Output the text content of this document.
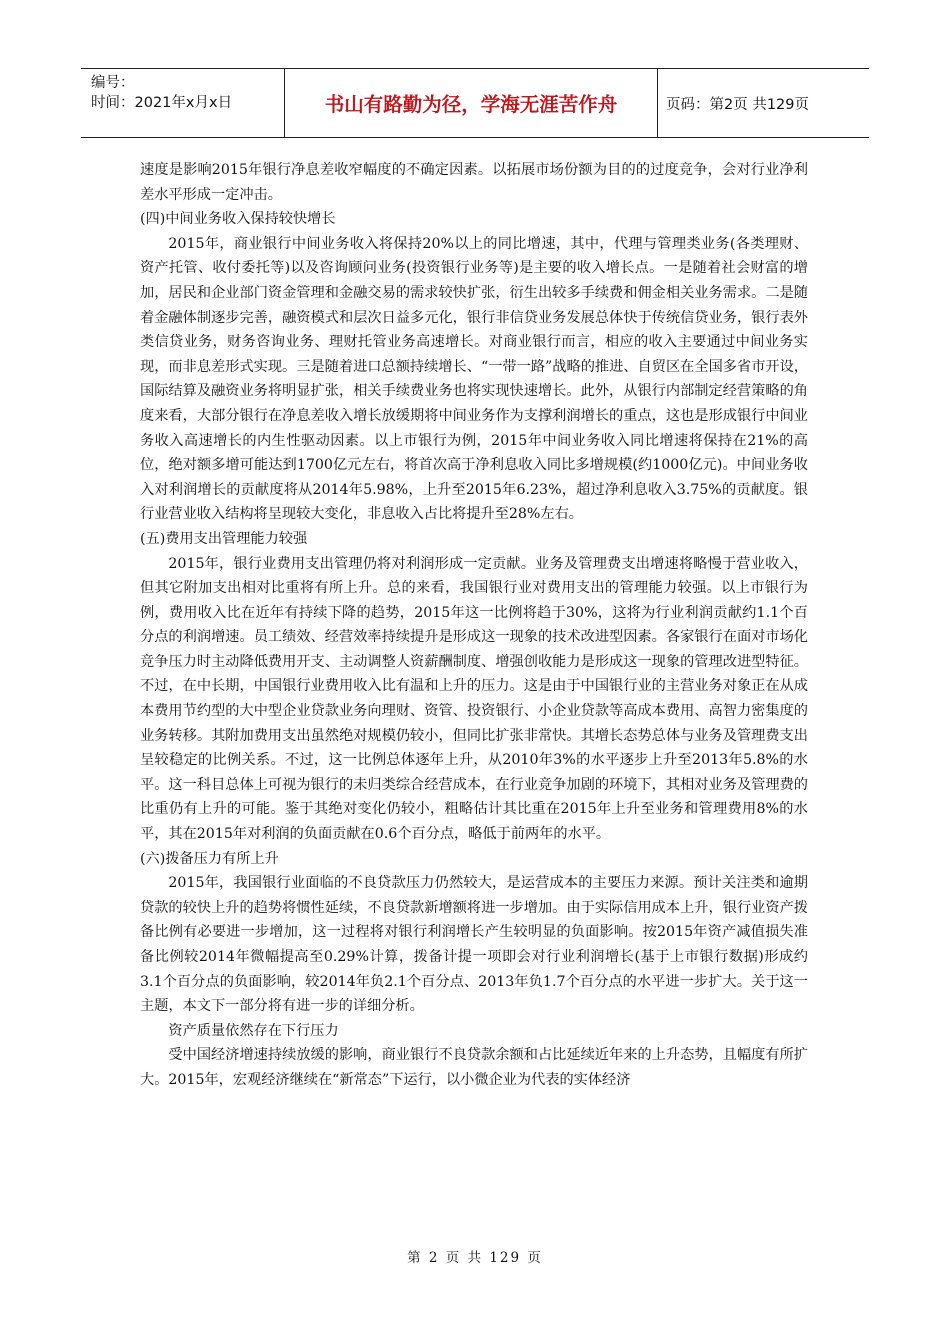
编号：
时间：2021年x月x日	书山有路勤为径，学海无涯苦作舟	页码：第2页 共129页

速度是影响2015年银行净息差收窄幅度的不确定因素。以拓展市场份额为目的的过度竞争，会对行业净利差水平形成一定冲击。

(四)中间业务收入保持较快增长

2015年，商业银行中间业务收入将保持20%以上的同比增速，其中，代理与管理类业务(各类理财、资产托管、收付委托等)以及咨询顾问业务(投资银行业务等)是主要的收入增长点。一是随着社会财富的增加，居民和企业部门资金管理和金融交易的需求较快扩张，衍生出较多手续费和佣金相关业务需求。二是随着金融体制逐步完善，融资模式和层次日益多元化，银行非信贷业务发展总体快于传统信贷业务，银行表外类信贷业务，财务咨询业务、理财托管业务高速增长。对商业银行而言，相应的收入主要通过中间业务实现，而非息差形式实现。三是随着进口总额持续增长、“一带一路”战略的推进、自贸区在全国多省市开设，国际结算及融资业务将明显扩张，相关手续费业务也将实现快速增长。此外，从银行内部制定经营策略的角度来看，大部分银行在净息差收入增长放缓期将中间业务作为支撑利润增长的重点，这也是形成银行中间业务收入高速增长的内生性驱动因素。以上市银行为例，2015年中间业务收入同比增速将保持在21%的高位，绝对额多增可能达到1700亿元左右，将首次高于净利息收入同比多增规模(约1000亿元)。中间业务收入对利润增长的贡献度将从2014年5.98%，上升至2015年6.23%，超过净利息收入3.75%的贡献度。银行业营业收入结构将呈现较大变化，非息收入占比将提升至28%左右。

(五)费用支出管理能力较强

2015年，银行业费用支出管理仍将对利润形成一定贡献。业务及管理费支出增速将略慢于营业收入，但其它附加支出相对比重将有所上升。总的来看，我国银行业对费用支出的管理能力较强。以上市银行为例，费用收入比在近年有持续下降的趋势，2015年这一比例将趋于30%，这将为行业利润贡献约1.1个百分点的利润增速。员工绩效、经营效率持续提升是形成这一现象的技术改进型因素。各家银行在面对市场化竞争压力时主动降低费用开支、主动调整人资薪酬制度、增强创收能力是形成这一现象的管理改进型特征。不过，在中长期，中国银行业费用收入比有温和上升的压力。这是由于中国银行业的主营业务对象正在从成本费用节约型的大中型企业贷款业务向理财、资管、投资银行、小企业贷款等高成本费用、高智力密集度的业务转移。其附加费用支出虽然绝对规模仍较小，但同比扩张非常快。其增长态势总体与业务及管理费支出呈较稳定的比例关系。不过，这一比例总体逐年上升，从2010年3%的水平逐步上升至2013年5.8%的水平。这一科目总体上可视为银行的未归类综合经营成本，在行业竞争加剧的环境下，其相对业务及管理费的比重仍有上升的可能。鉴于其绝对变化仍较小，粗略估计其比重在2015年上升至业务和管理费用8%的水平，其在2015年对利润的负面贡献在0.6个百分点，略低于前两年的水平。

(六)拨备压力有所上升

2015年，我国银行业面临的不良贷款压力仍然较大，是运营成本的主要压力来源。预计关注类和逾期贷款的较快上升的趋势将惯性延续，不良贷款新增额将进一步增加。由于实际信用成本上升，银行业资产拨备比例有必要进一步增加，这一过程将对银行利润增长产生较明显的负面影响。按2015年资产减值损失准备比例较2014年微幅提高至0.29%计算，拨备计提一项即会对行业利润增长(基于上市银行数据)形成约3.1个百分点的负面影响，较2014年负2.1个百分点、2013年负1.7个百分点的水平进一步扩大。关于这一主题，本文下一部分将有进一步的详细分析。

资产质量依然存在下行压力

受中国经济增速持续放缓的影响，商业银行不良贷款余额和占比延续近年来的上升态势，且幅度有所扩大。2015年，宏观经济继续在“新常态”下运行，以小微企业为代表的实体经济

第 2 页 共 129 页
